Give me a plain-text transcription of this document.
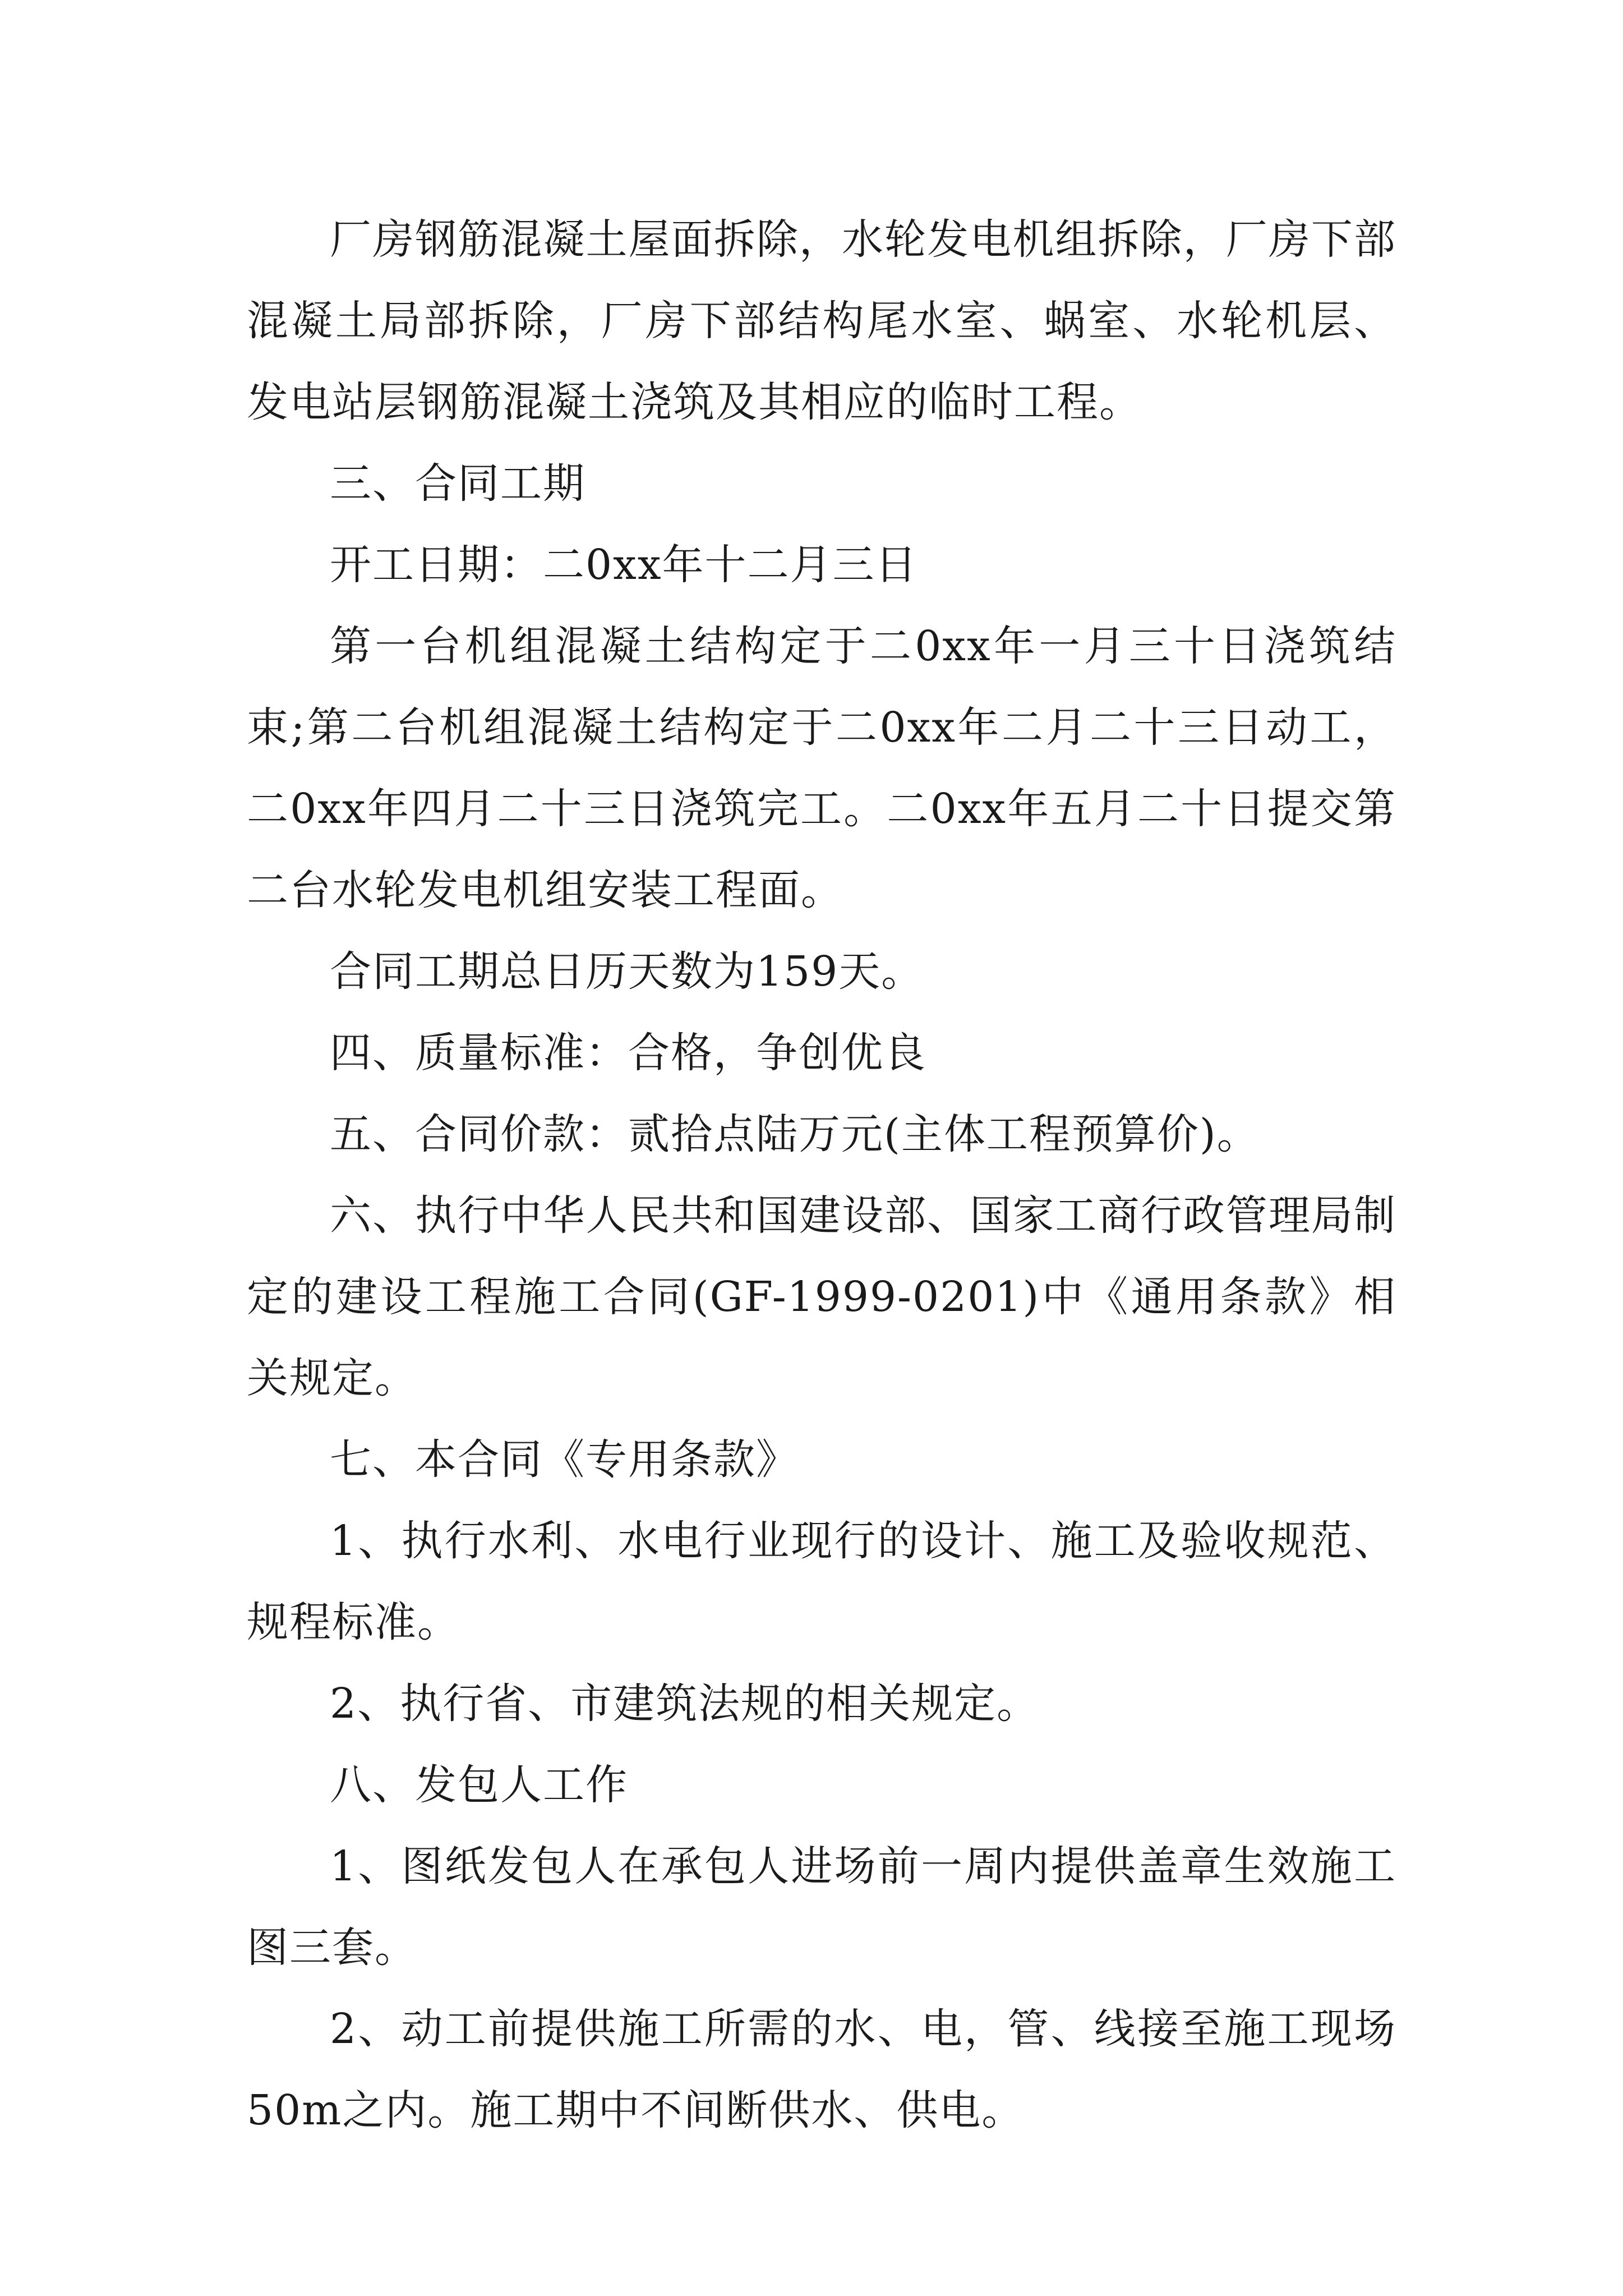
厂房钢筋混凝土屋面拆除，水轮发电机组拆除，厂房下部混凝土局部拆除，厂房下部结构尾水室、蜗室、水轮机层、发电站层钢筋混凝土浇筑及其相应的临时工程。

三、合同工期

开工日期：二0xx年十二月三日

第一台机组混凝土结构定于二0xx年一月三十日浇筑结束;第二台机组混凝土结构定于二0xx年二月二十三日动工，二0xx年四月二十三日浇筑完工。二0xx年五月二十日提交第二台水轮发电机组安装工程面。

合同工期总日历天数为159天。

四、质量标准：合格，争创优良

五、合同价款：贰拾点陆万元(主体工程预算价)。

六、执行中华人民共和国建设部、国家工商行政管理局制定的建设工程施工合同(GF-1999-0201)中《通用条款》相关规定。

七、本合同《专用条款》

1、执行水利、水电行业现行的设计、施工及验收规范、规程标准。

2、执行省、市建筑法规的相关规定。

八、发包人工作

1、图纸发包人在承包人进场前一周内提供盖章生效施工图三套。

2、动工前提供施工所需的水、电，管、线接至施工现场50m之内。施工期中不间断供水、供电。
